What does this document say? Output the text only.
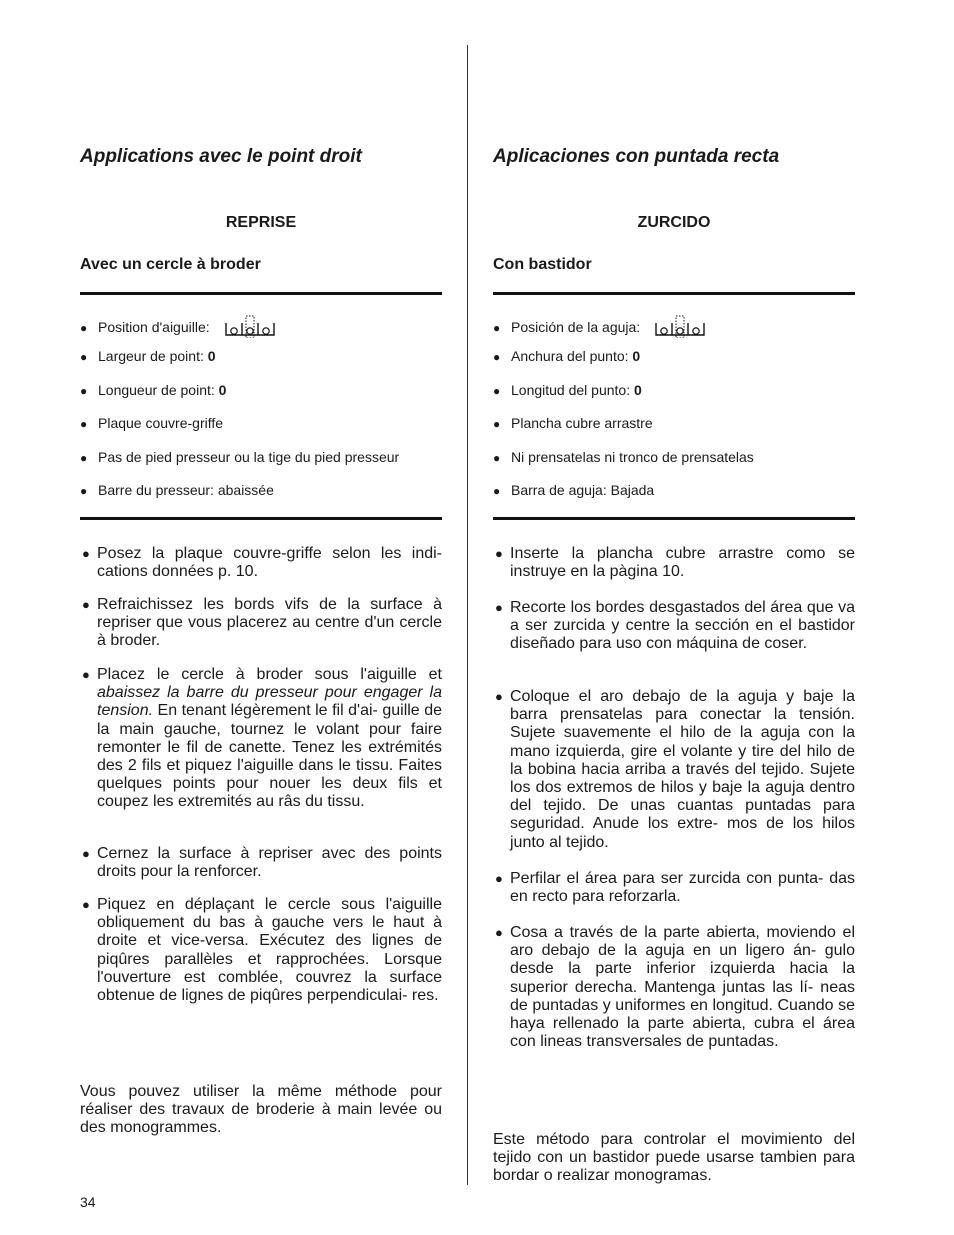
Applications avec le point droit
REPRISE
Avec un cercle à broder
● Position d'aiguille:
● Largeur de point: 0
● Longueur de point: 0
● Plaque couvre-griffe
● Pas de pied presseur ou la tige du pied presseur
● Barre du presseur: abaissée
● Posez la plaque couvre-griffe selon les indi- cations données p. 10.
● Refraichissez les bords vifs de la surface à repriser que vous placerez au centre d'un cercle à broder.
● Placez le cercle à broder sous l'aiguille et abaissez la barre du presseur pour engager la tension. En tenant légèrement le fil d'ai- guille de la main gauche, tournez le volant pour faire remonter le fil de canette. Tenez les extrémités des 2 fils et piquez l'aiguille dans le tissu. Faites quelques points pour nouer les deux fils et coupez les extremités au râs du tissu.
● Cernez la surface à repriser avec des points droits pour la renforcer.
● Piquez en déplaçant le cercle sous l'aiguille obliquement du bas à gauche vers le haut à droite et vice-versa. Exécutez des lignes de piqûres parallèles et rapprochées. Lorsque l'ouverture est comblée, couvrez la surface obtenue de lignes de piqûres perpendiculai- res.

Vous pouvez utiliser la même méthode pour réaliser des travaux de broderie à main levée ou des monogrammes.

Aplicaciones con puntada recta
ZURCIDO
Con bastidor
● Posición de la aguja:
● Anchura del punto: 0
● Longitud del punto: 0
● Plancha cubre arrastre
● Ni prensatelas ni tronco de prensatelas
● Barra de aguja: Bajada
● Inserte la plancha cubre arrastre como se instruye en la pàgina 10.
● Recorte los bordes desgastados del área que va a ser zurcida y centre la sección en el bastidor diseñado para uso con máquina de coser.
● Coloque el aro debajo de la aguja y baje la barra prensatelas para conectar la tensión. Sujete suavemente el hilo de la aguja con la mano izquierda, gire el volante y tire del hilo de la bobina hacia arriba a través del tejido. Sujete los dos extremos de hilos y baje la aguja dentro del tejido. De unas cuantas puntadas para seguridad. Anude los extre- mos de los hilos junto al tejido.
● Perfilar el área para ser zurcida con punta- das en recto para reforzarla.
● Cosa a través de la parte abierta, moviendo el aro debajo de la aguja en un ligero án- gulo desde la parte inferior izquierda hacia la superior derecha. Mantenga juntas las lí- neas de puntadas y uniformes en longitud. Cuando se haya rellenado la parte abierta, cubra el área con lineas transversales de puntadas.

Este método para controlar el movimiento del tejido con un bastidor puede usarse tambien para bordar o realizar monogramas.

34
